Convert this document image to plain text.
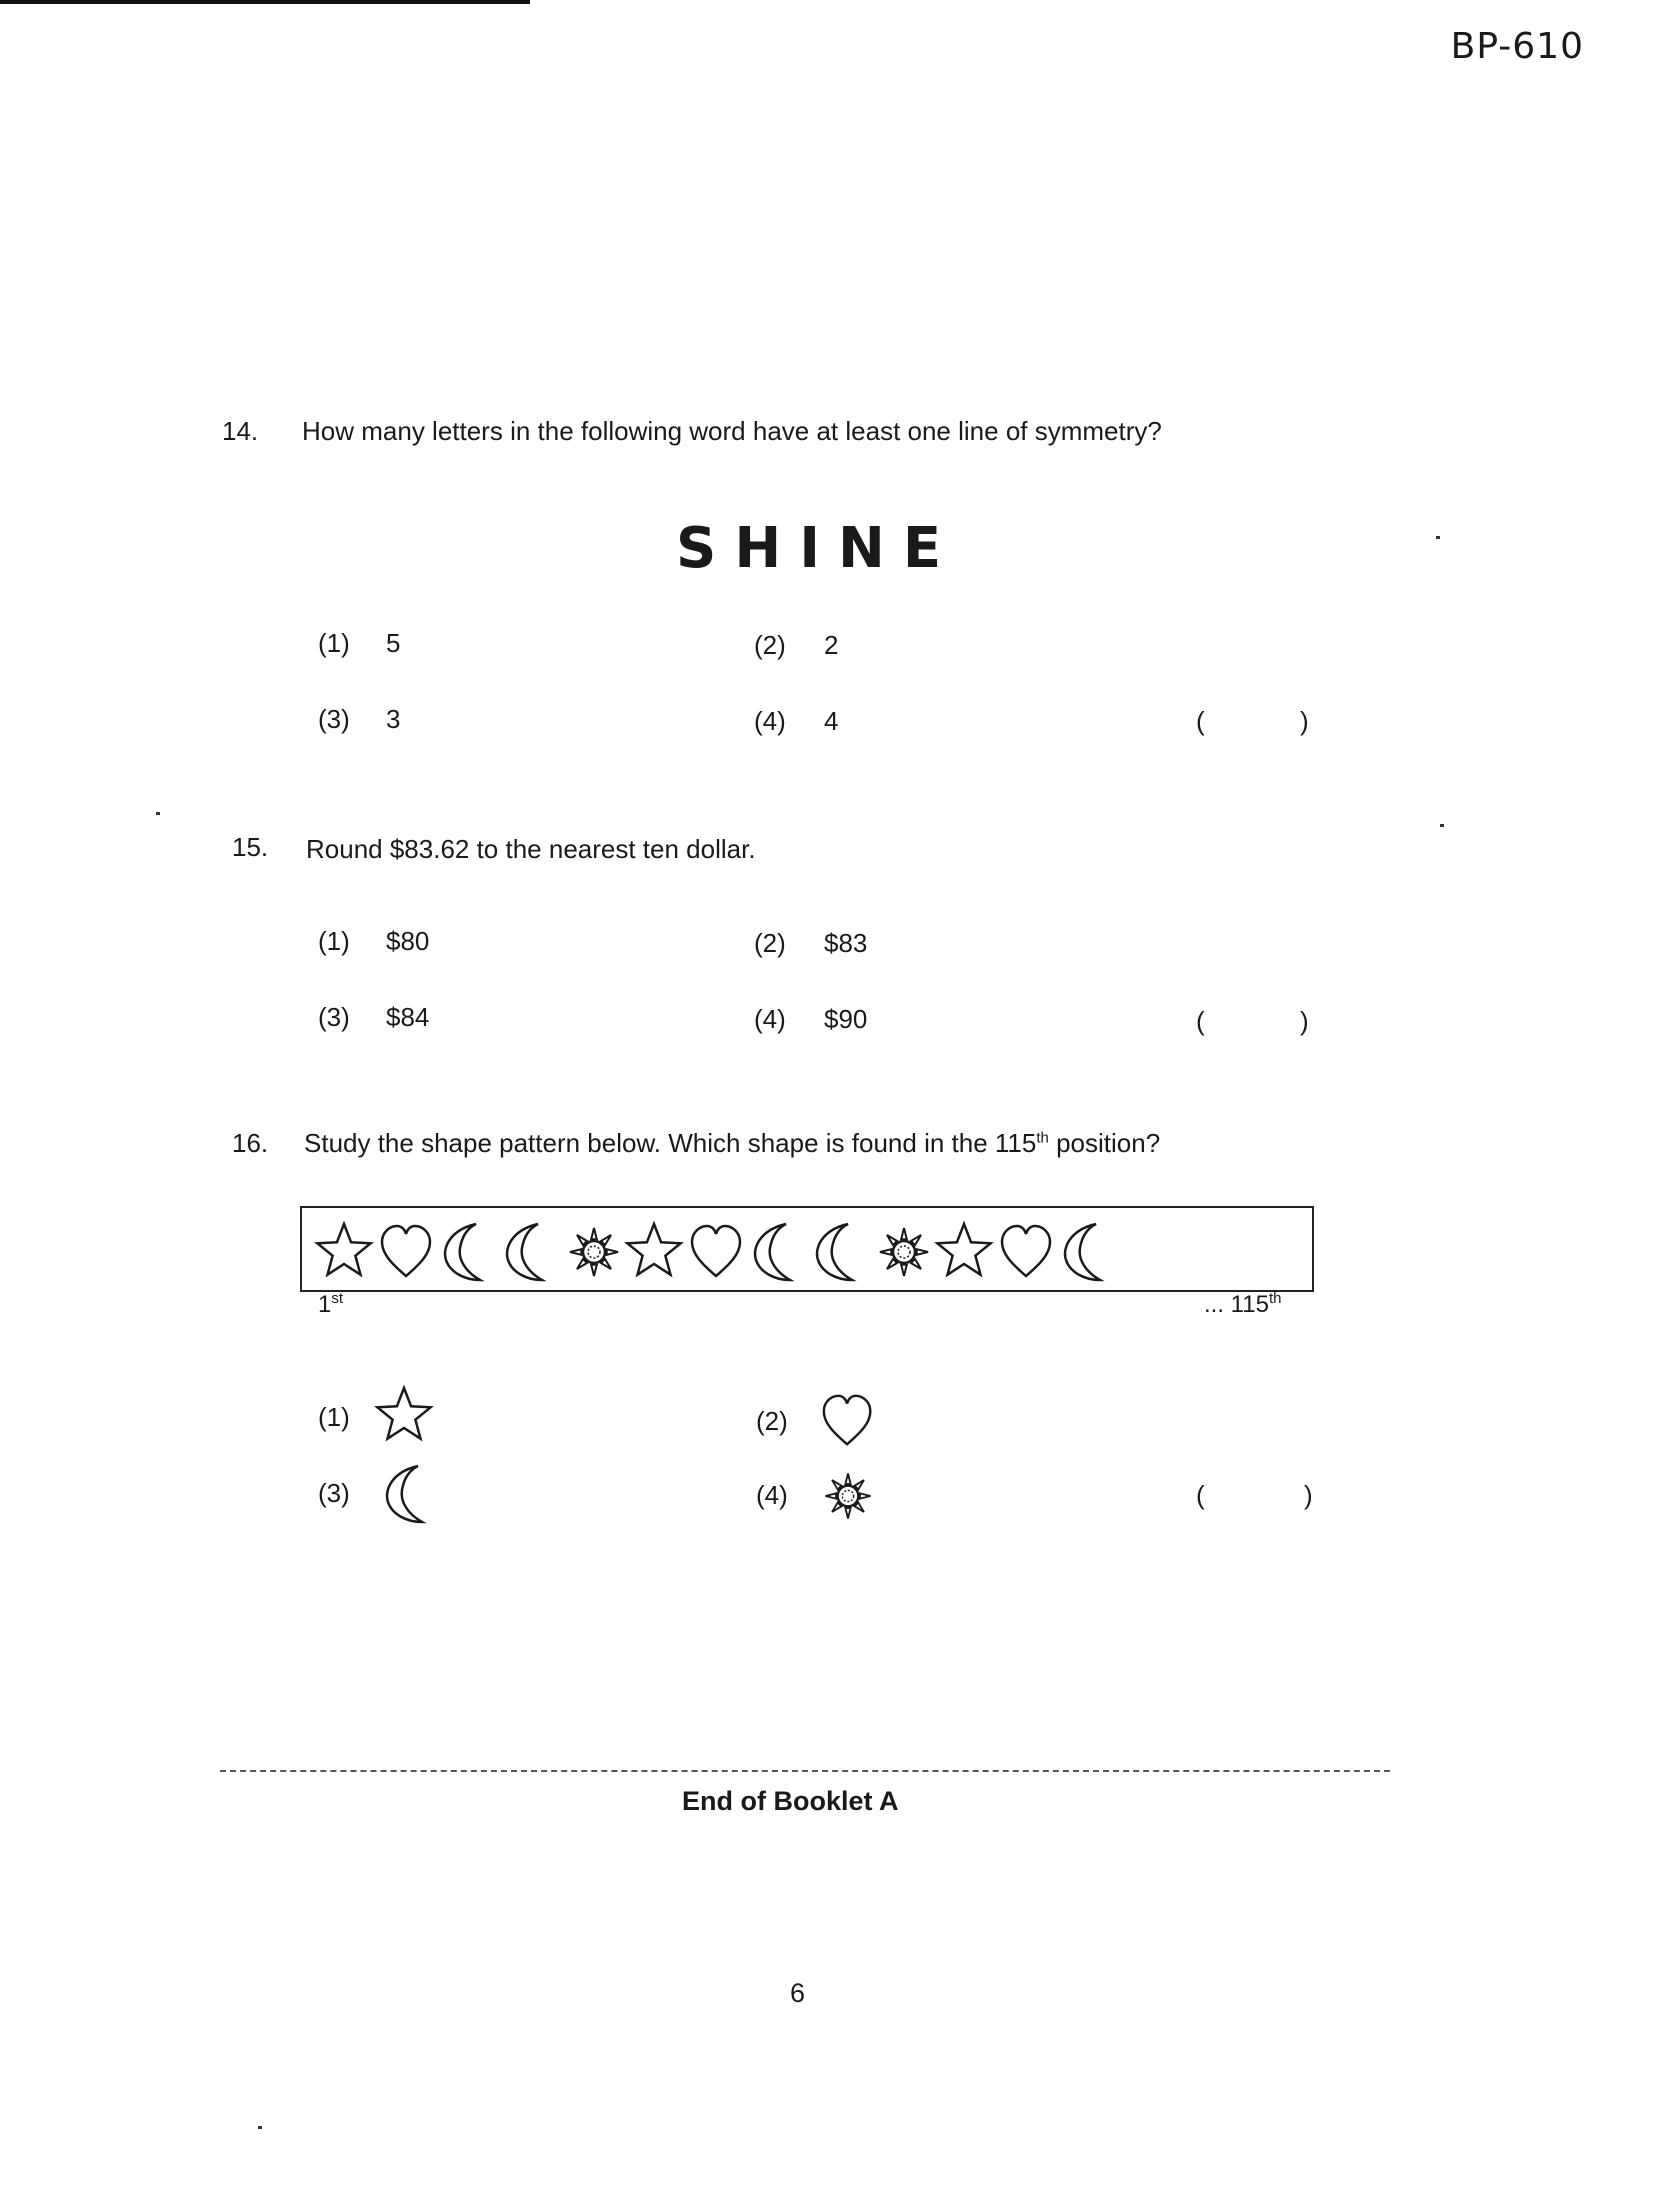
BP-610
14. How many letters in the following word have at least one line of symmetry?
SHINE
(1) 5	(2) 2
(3) 3	(4) 4	(	)
15. Round $83.62 to the nearest ten dollar.
(1) $80	(2) $83
(3) $84	(4) $90	(	)
16. Study the shape pattern below. Which shape is found in the 115th position?
1st	... 115th
(1)	(2)
(3)	(4)	(	)
End of Booklet A
6
